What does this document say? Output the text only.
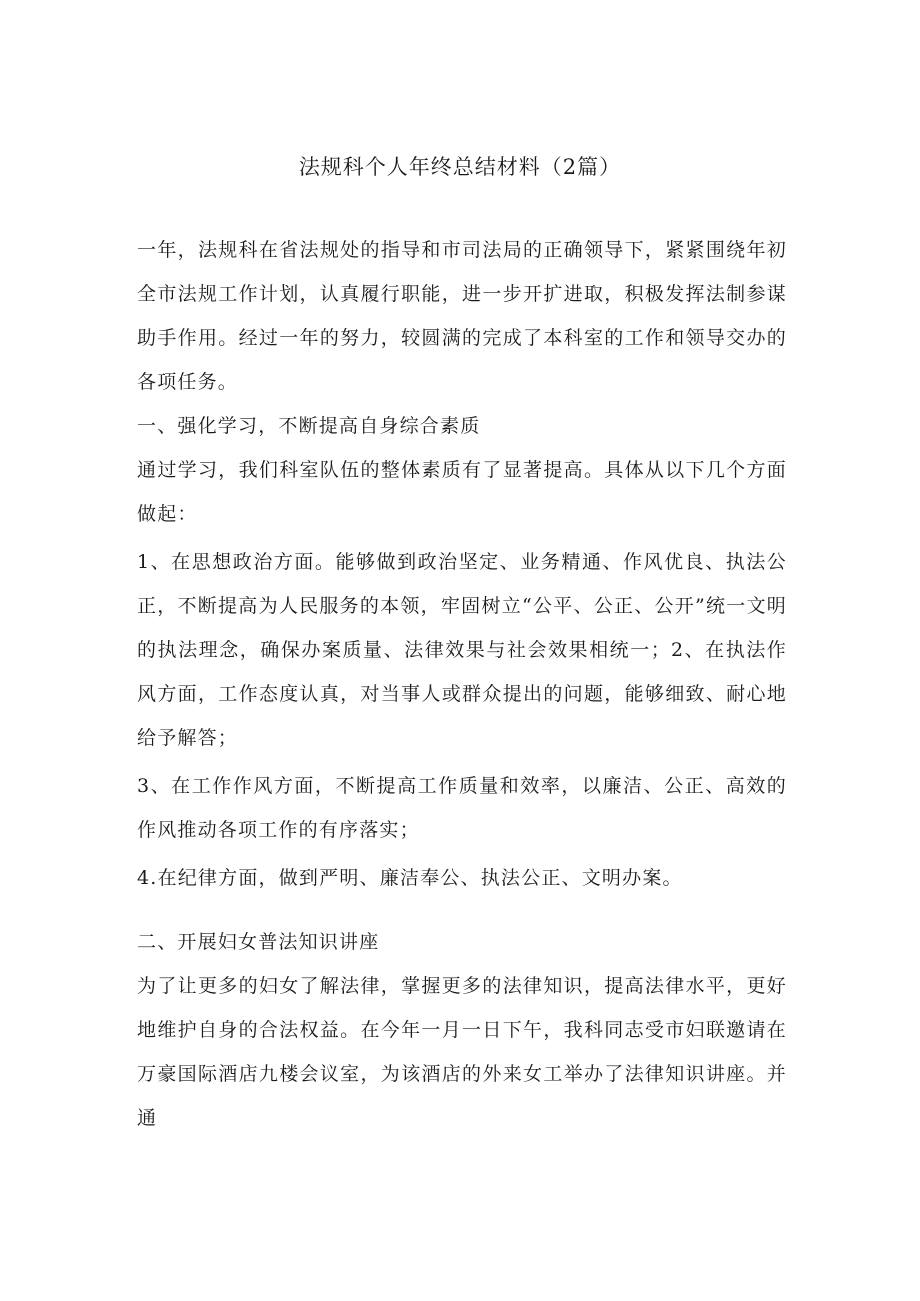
法规科个人年终总结材料（2篇）

一年，法规科在省法规处的指导和市司法局的正确领导下，紧紧围绕年初全市法规工作计划，认真履行职能，进一步开扩进取，积极发挥法制参谋助手作用。经过一年的努力，较圆满的完成了本科室的工作和领导交办的各项任务。

一、强化学习，不断提高自身综合素质

通过学习，我们科室队伍的整体素质有了显著提高。具体从以下几个方面做起：

1、在思想政治方面。能够做到政治坚定、业务精通、作风优良、执法公正，不断提高为人民服务的本领，牢固树立“公平、公正、公开”统一文明的执法理念，确保办案质量、法律效果与社会效果相统一；2、在执法作风方面，工作态度认真，对当事人或群众提出的问题，能够细致、耐心地给予解答；

3、在工作作风方面，不断提高工作质量和效率，以廉洁、公正、高效的作风推动各项工作的有序落实；

4.在纪律方面，做到严明、廉洁奉公、执法公正、文明办案。

二、开展妇女普法知识讲座

为了让更多的妇女了解法律，掌握更多的法律知识，提高法律水平，更好地维护自身的合法权益。在今年一月一日下午，我科同志受市妇联邀请在万豪国际酒店九楼会议室，为该酒店的外来女工举办了法律知识讲座。并通
